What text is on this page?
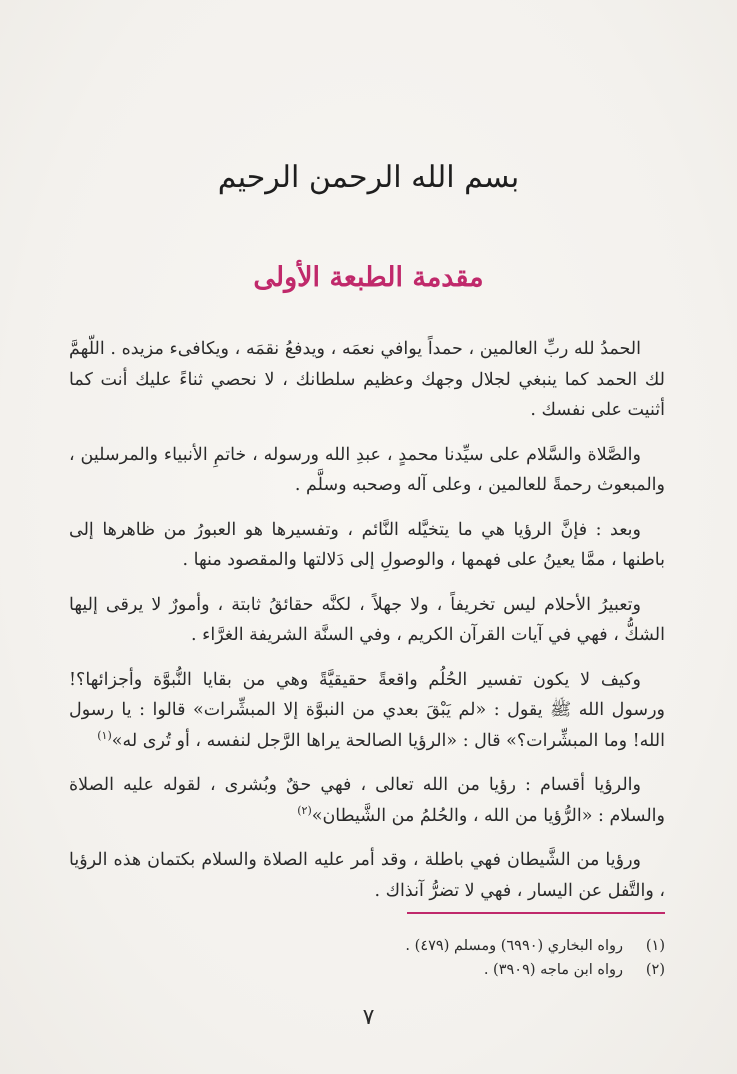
بسم الله الرحمن الرحيم
مقدمة الطبعة الأولى

الحمدُ لله ربِّ العالمين ، حمداً يوافي نعمَه ، ويدفعُ نقمَه ، ويكافىء مزيده . اللّهمَّ لك الحمد كما ينبغي لجلال وجهك وعظيم سلطانك ، لا نحصي ثناءً عليك أنت كما أثنيت على نفسك .

والصَّلاة والسَّلام على سيِّدنا محمدٍ ، عبدِ الله ورسوله ، خاتمِ الأنبياء والمرسلين ، والمبعوث رحمةً للعالمين ، وعلى آله وصحبه وسلَّم .

وبعد : فإنَّ الرؤيا هي ما يتخيَّله النَّائم ، وتفسيرها هو العبورُ من ظاهرها إلى باطنها ، ممَّا يعينُ على فهمها ، والوصولِ إلى دَلالتها والمقصود منها .

وتعبيرُ الأحلام ليس تخريفاً ، ولا جهلاً ، لكنَّه حقائقُ ثابتة ، وأمورٌ لا يرقى إليها الشكُّ ، فهي في آيات القرآن الكريم ، وفي السنَّة الشريفة الغرَّاء .

وكيف لا يكون تفسير الحُلُم واقعةً حقيقيَّةً وهي من بقايا النُّبوَّة وأجزائها؟! ورسول الله ﷺ يقول : «لم يَبْقَ بعدي من النبوَّة إلا المبشِّرات» قالوا : يا رسول الله! وما المبشِّرات؟» قال : «الرؤيا الصالحة يراها الرَّجل لنفسه ، أو تُرى له»$^{(١)}$

والرؤيا أقسام : رؤيا من الله تعالى ، فهي حقٌ وبُشرى ، لقوله عليه الصلاة والسلام : «الرُّؤيا من الله ، والحُلمُ من الشَّيطان»$^{(٢)}$

ورؤيا من الشَّيطان فهي باطلة ، وقد أمر عليه الصلاة والسلام بكتمان هذه الرؤيا ، والتَّفل عن اليسار ، فهي لا تضرُّ آنذاك .

(١)
رواه البخاري (٦٩٩٠) ومسلم (٤٧٩) .
(٢)
رواه ابن ماجه (٣٩٠٩) .
٧
